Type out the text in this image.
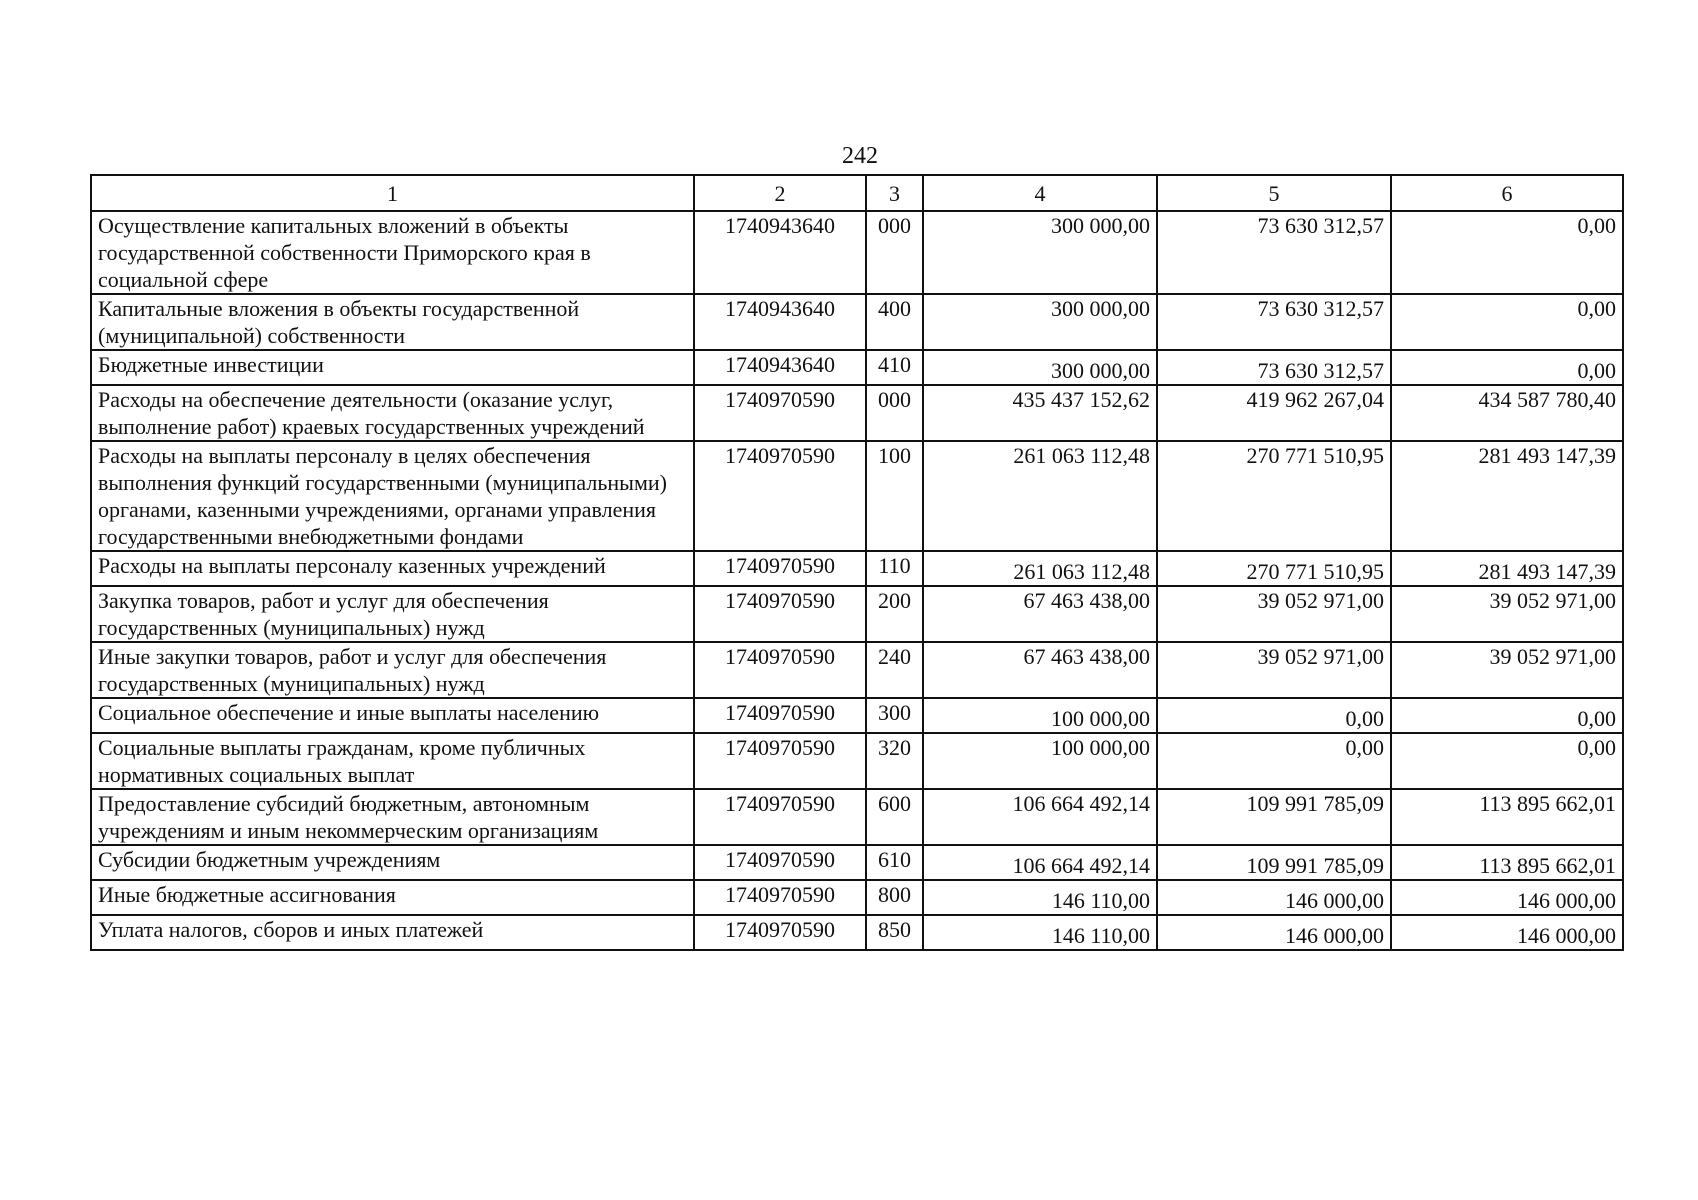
242
1	2	3	4	5	6
Осуществление капитальных вложений в объекты государственной собственности Приморского края в социальной сфере	1740943640	000	300 000,00	73 630 312,57	0,00
Капитальные вложения в объекты государственной (муниципальной) собственности	1740943640	400	300 000,00	73 630 312,57	0,00
Бюджетные инвестиции	1740943640	410	300 000,00	73 630 312,57	0,00
Расходы на обеспечение деятельности (оказание услуг, выполнение работ) краевых государственных учреждений	1740970590	000	435 437 152,62	419 962 267,04	434 587 780,40
Расходы на выплаты персоналу в целях обеспечения выполнения функций государственными (муниципальными) органами, казенными учреждениями, органами управления государственными внебюджетными фондами	1740970590	100	261 063 112,48	270 771 510,95	281 493 147,39
Расходы на выплаты персоналу казенных учреждений	1740970590	110	261 063 112,48	270 771 510,95	281 493 147,39
Закупка товаров, работ и услуг для обеспечения государственных (муниципальных) нужд	1740970590	200	67 463 438,00	39 052 971,00	39 052 971,00
Иные закупки товаров, работ и услуг для обеспечения государственных (муниципальных) нужд	1740970590	240	67 463 438,00	39 052 971,00	39 052 971,00
Социальное обеспечение и иные выплаты населению	1740970590	300	100 000,00	0,00	0,00
Социальные выплаты гражданам, кроме публичных нормативных социальных выплат	1740970590	320	100 000,00	0,00	0,00
Предоставление субсидий бюджетным, автономным учреждениям и иным некоммерческим организациям	1740970590	600	106 664 492,14	109 991 785,09	113 895 662,01
Субсидии бюджетным учреждениям	1740970590	610	106 664 492,14	109 991 785,09	113 895 662,01
Иные бюджетные ассигнования	1740970590	800	146 110,00	146 000,00	146 000,00
Уплата налогов, сборов и иных платежей	1740970590	850	146 110,00	146 000,00	146 000,00
